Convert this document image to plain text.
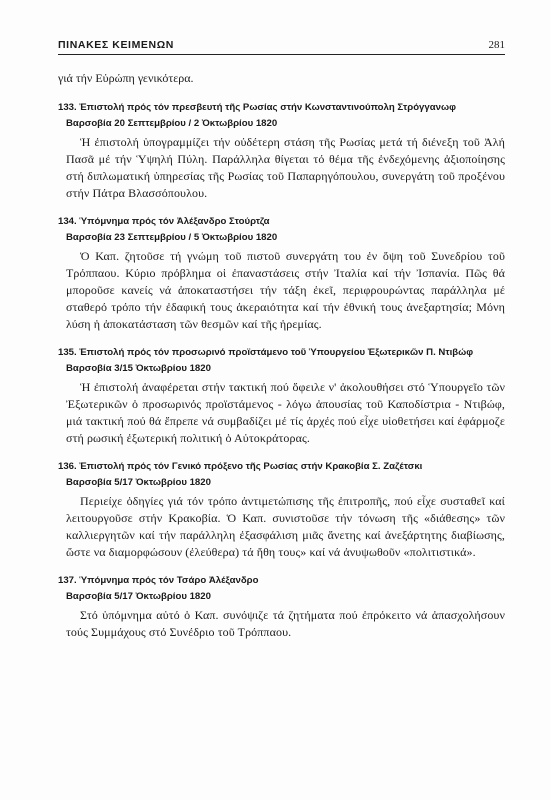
ΠΙΝΑΚΕΣ ΚΕΙΜΕΝΩΝ	281

γιά τήν Εὐρώπη γενικότερα.

133. Ἐπιστολή πρός τόν πρεσβευτή τῆς Ρωσίας στήν Κωνσταντινούπολη Στρόγγανωφ

Βαρσοβία 20 Σεπτεμβρίου / 2 Ὀκτωβρίου 1820

Ἡ ἐπιστολή ὑπογραμμίζει τήν οὐδέτερη στάση τῆς Ρωσίας μετά τή διένεξη τοῦ Ἀλή Πασᾶ μέ τήν Ὑψηλή Πύλη. Παράλληλα θίγεται τό θέμα τῆς ἐνδεχόμενης ἀξιοποίησης στή διπλωματική ὑπηρεσίας τῆς Ρωσίας τοῦ Παπαρηγόπουλου, συνεργάτη τοῦ προξένου στήν Πάτρα Βλασσόπουλου.

134. Ὑπόμνημα πρός τόν Ἀλέξανδρο Στούρτζα

Βαρσοβία 23 Σεπτεμβρίου / 5 Ὀκτωβρίου 1820

Ὁ Καπ. ζητοῦσε τή γνώμη τοῦ πιστοῦ συνεργάτη του ἐν ὄψη τοῦ Συνεδρίου τοῦ Τρόππαου. Κύριο πρόβλημα οἱ ἐπαναστάσεις στήν Ἰταλία καί τήν Ἰσπανία. Πῶς θά μποροῦσε κανείς νά ἀποκαταστήσει τήν τάξη ἐκεῖ, περιφρουρώντας παράλληλα μέ σταθερό τρόπο τήν ἐδαφική τους ἀκεραιότητα καί τήν ἐθνική τους ἀνεξαρτησία; Μόνη λύση ἡ ἀποκατάσταση τῶν θεσμῶν καί τῆς ἠρεμίας.

135. Ἐπιστολή πρός τόν προσωρινό προϊστάμενο τοῦ Ὑπουργείου Ἐξωτερικῶν Π. Ντιβώφ

Βαρσοβία 3/15 Ὀκτωβρίου 1820

Ἡ ἐπιστολή ἀναφέρεται στήν τακτική πού ὄφειλε ν' ἀκολουθήσει στό Ὑπουργεῖο τῶν Ἐξωτερικῶν ὁ προσωρινός προϊστάμενος - λόγω ἀπουσίας τοῦ Καποδίστρια - Ντιβώφ, μιά τακτική πού θά ἔπρεπε νά συμβαδίζει μέ τίς ἀρχές πού εἶχε υἱοθετήσει καί ἐφάρμοζε στή ρωσική ἐξωτερική πολιτική ὁ Αὐτοκράτορας.

136. Ἐπιστολή πρός τόν Γενικό πρόξενο τῆς Ρωσίας στήν Κρακοβία Σ. Ζαζέτσκι

Βαρσοβία 5/17 Ὀκτωβρίου 1820

Περιείχε ὁδηγίες γιά τόν τρόπο ἀντιμετώπισης τῆς ἐπιτροπῆς, πού εἶχε συσταθεῖ καί λειτουργοῦσε στήν Κρακοβία. Ὁ Καπ. συνιστοῦσε τήν τόνωση τῆς «διάθεσης» τῶν καλλιεργητῶν καί τήν παράλληλη ἐξασφάλιση μιᾶς ἄνετης καί ἀνεξάρτητης διαβίωσης, ὥστε να διαμορφώσουν (ἐλεύθερα) τά ἤθη τους» καί νά ἀνυψωθοῦν «πολιτιστικά».

137. Ὑπόμνημα πρός τόν Τσάρο Ἀλέξανδρο

Βαρσοβία 5/17 Ὀκτωβρίου 1820

Στό ὑπόμνημα αὐτό ὁ Καπ. συνόψιζε τά ζητήματα πού ἐπρόκειτο νά ἀπασχολήσουν τούς Συμμάχους στό Συνέδριο τοῦ Τρόππαου.
